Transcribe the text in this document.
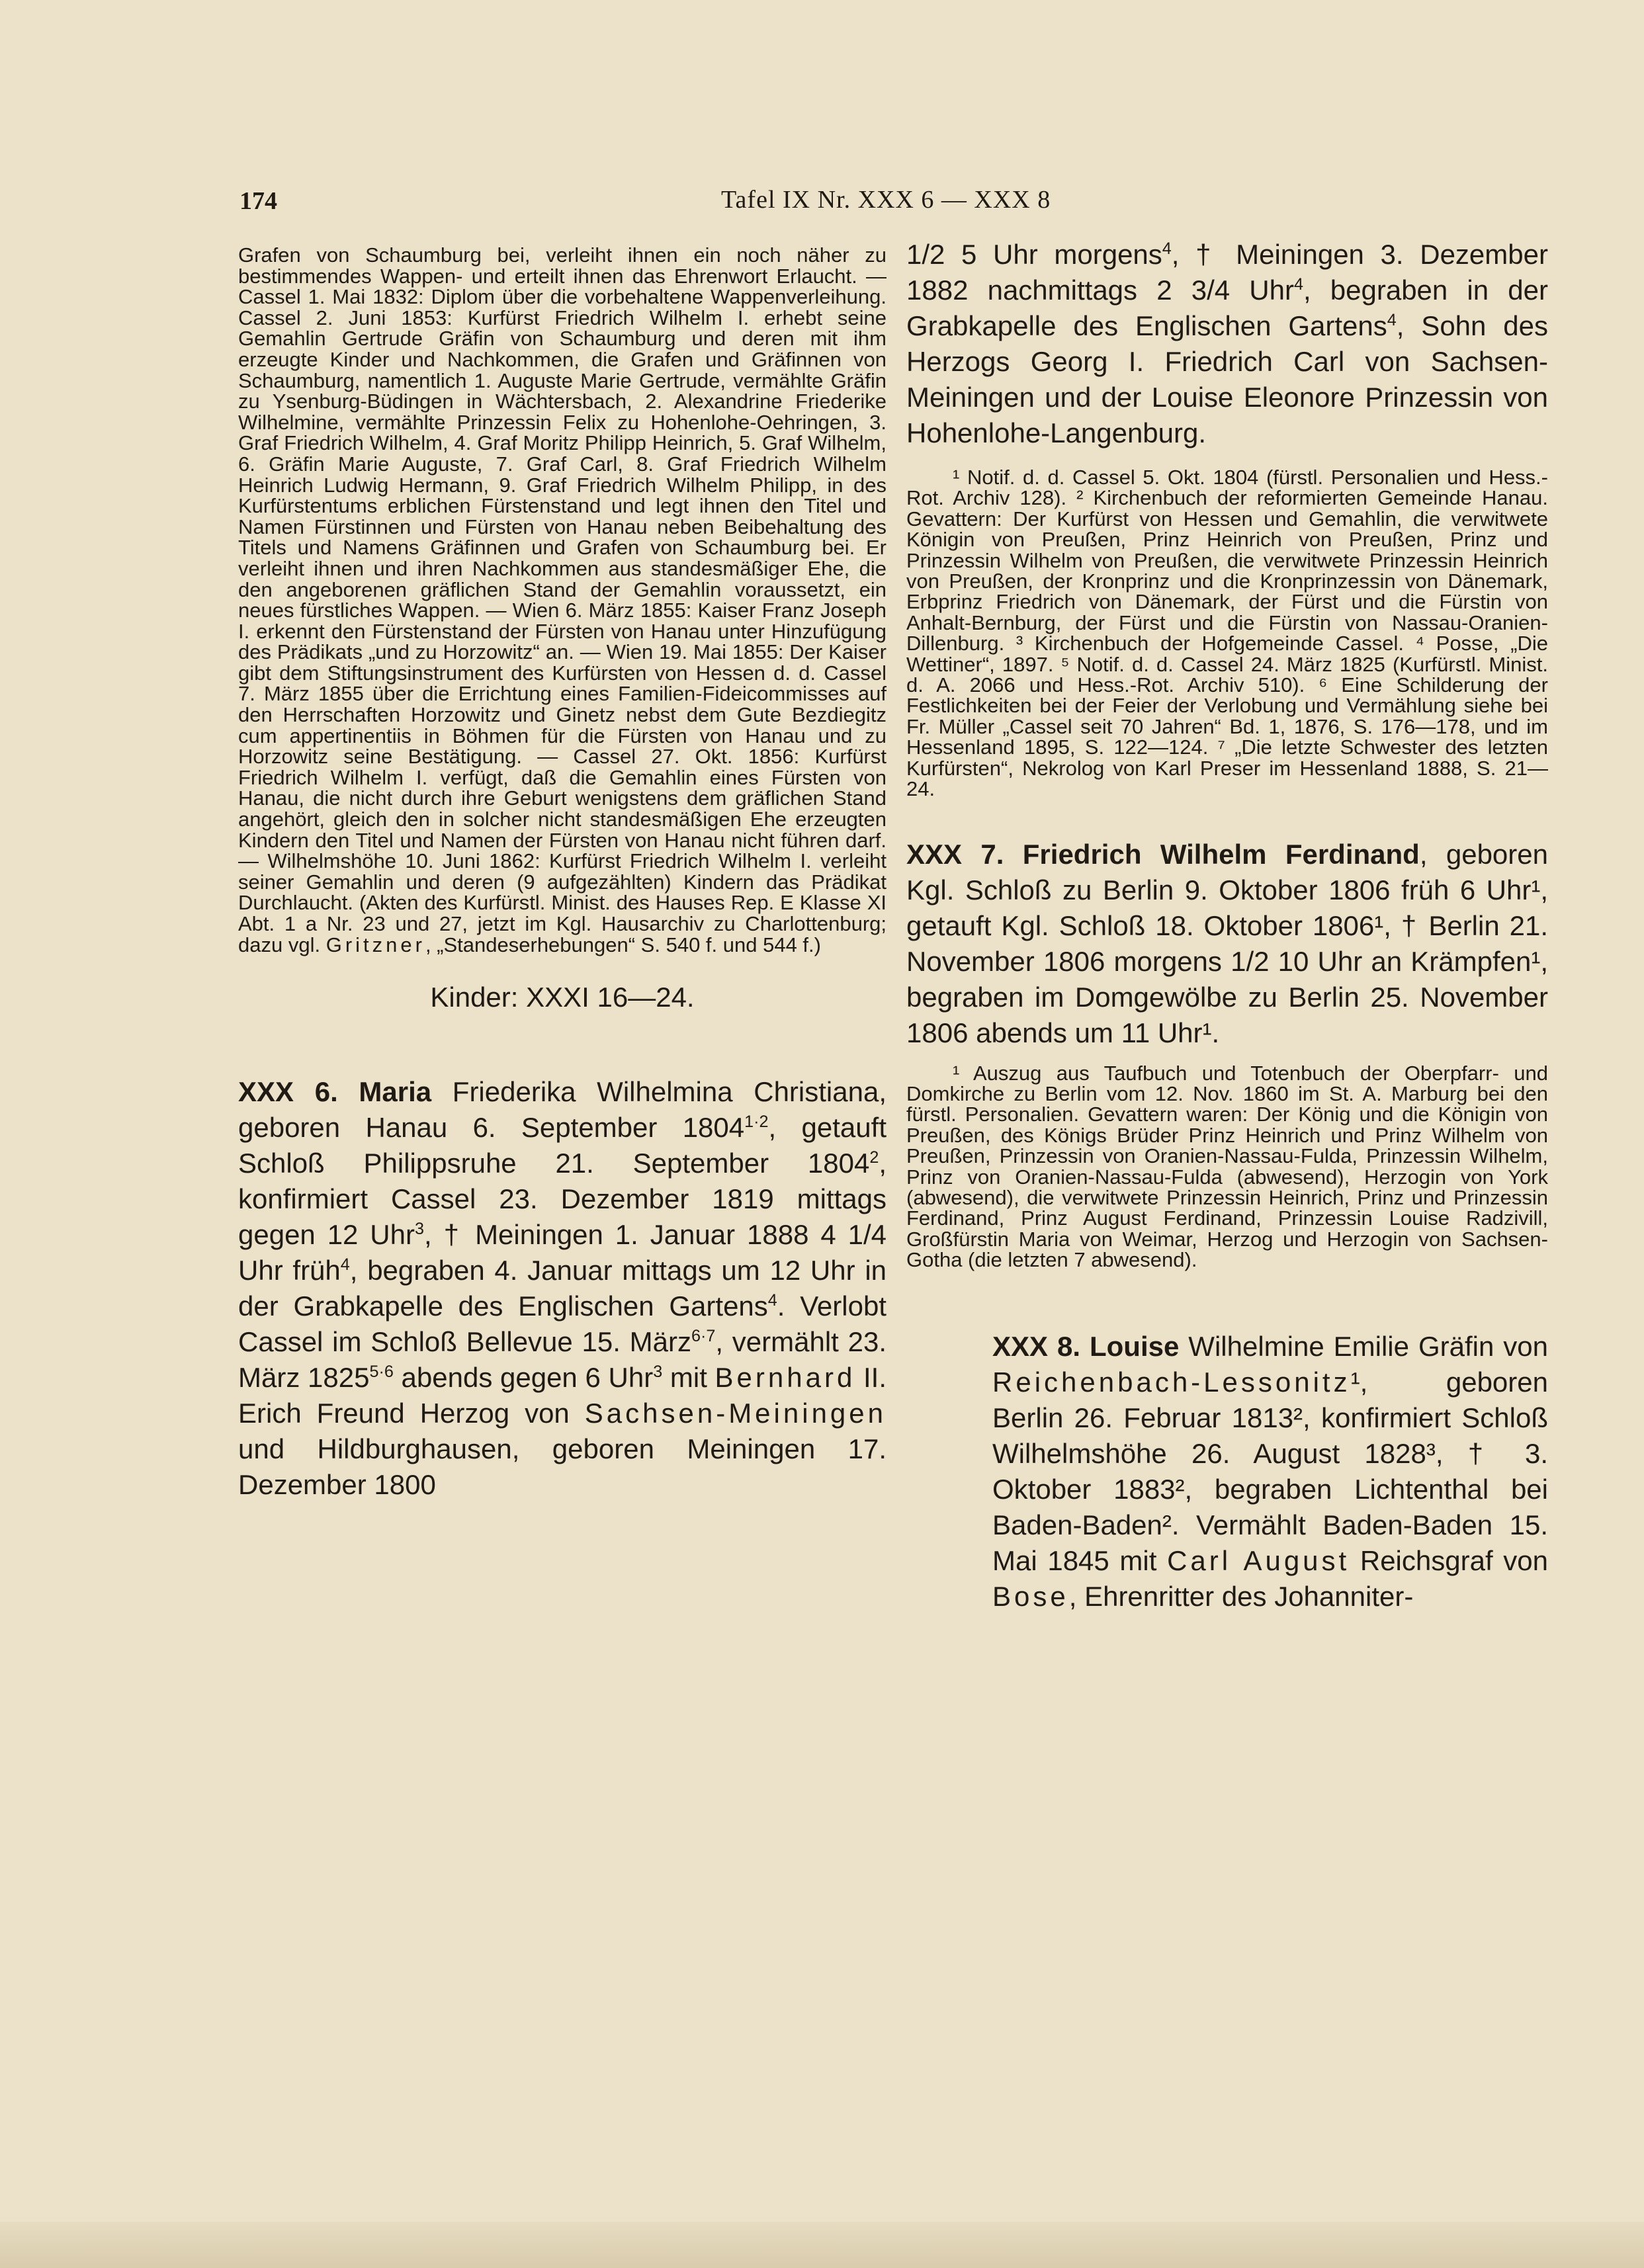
174	Tafel IX Nr. XXX 6 — XXX 8

Grafen von Schaumburg bei, verleiht ihnen ein noch näher zu bestimmendes Wappen- und erteilt ihnen das Ehrenwort Erlaucht. — Cassel 1. Mai 1832: Diplom über die vorbehaltene Wappenverleihung. Cassel 2. Juni 1853: Kurfürst Friedrich Wilhelm I. erhebt seine Gemahlin Gertrude Gräfin von Schaumburg und deren mit ihm erzeugte Kinder und Nachkommen, die Grafen und Gräfinnen von Schaumburg, namentlich 1. Auguste Marie Gertrude, vermählte Gräfin zu Ysenburg-Büdingen in Wächtersbach, 2. Alexandrine Friederike Wilhelmine, vermählte Prinzessin Felix zu Hohenlohe-Oehringen, 3. Graf Friedrich Wilhelm, 4. Graf Moritz Philipp Heinrich, 5. Graf Wilhelm, 6. Gräfin Marie Auguste, 7. Graf Carl, 8. Graf Friedrich Wilhelm Heinrich Ludwig Hermann, 9. Graf Friedrich Wilhelm Philipp, in des Kurfürstentums erblichen Fürstenstand und legt ihnen den Titel und Namen Fürstinnen und Fürsten von Hanau neben Beibehaltung des Titels und Namens Gräfinnen und Grafen von Schaumburg bei. Er verleiht ihnen und ihren Nachkommen aus standesmäßiger Ehe, die den angeborenen gräflichen Stand der Gemahlin voraussetzt, ein neues fürstliches Wappen. — Wien 6. März 1855: Kaiser Franz Joseph I. erkennt den Fürstenstand der Fürsten von Hanau unter Hinzufügung des Prädikats „und zu Horzowitz“ an. — Wien 19. Mai 1855: Der Kaiser gibt dem Stiftungsinstrument des Kurfürsten von Hessen d. d. Cassel 7. März 1855 über die Errichtung eines Familien-Fideicommisses auf den Herrschaften Horzowitz und Ginetz nebst dem Gute Bezdiegitz cum appertinentiis in Böhmen für die Fürsten von Hanau und zu Horzowitz seine Bestätigung. — Cassel 27. Okt. 1856: Kurfürst Friedrich Wilhelm I. verfügt, daß die Gemahlin eines Fürsten von Hanau, die nicht durch ihre Geburt wenigstens dem gräflichen Stand angehört, gleich den in solcher nicht standesmäßigen Ehe erzeugten Kindern den Titel und Namen der Fürsten von Hanau nicht führen darf. — Wilhelmshöhe 10. Juni 1862: Kurfürst Friedrich Wilhelm I. verleiht seiner Gemahlin und deren (9 aufgezählten) Kindern das Prädikat Durchlaucht. (Akten des Kurfürstl. Minist. des Hauses Rep. E Klasse XI Abt. 1 a Nr. 23 und 27, jetzt im Kgl. Hausarchiv zu Charlottenburg; dazu vgl. Gritzner, „Standeserhebungen“ S. 540 f. und 544 f.)

Kinder: XXXI 16—24.

XXX 6. Maria Friederika Wilhelmina Christiana, geboren Hanau 6. September $1804^{1\cdot 2}$, getauft Schloß Philippsruhe 21. September 1804$^2$, konfirmiert Cassel 23. Dezember 1819 mittags gegen 12 Uhr$^3$, † Meiningen 1. Januar 1888 4 1/4 Uhr früh$^4$, begraben 4. Januar mittags um 12 Uhr in der Grabkapelle des Englischen Gartens$^4$. Verlobt Cassel im Schloß Bellevue 15. März$^{6\cdot 7}$, vermählt 23. März $1825^{5\cdot 6}$ abends gegen 6 Uhr$^3$ mit Bernhard II. Erich Freund Herzog von Sachsen-Meiningen und Hildburghausen, geboren Meiningen 17. Dezember 1800

1/2 5 Uhr morgens$^4$, † Meiningen 3. Dezember 1882 nachmittags 2 3/4 Uhr$^4$, begraben in der Grabkapelle des Englischen Gartens$^4$, Sohn des Herzogs Georg I. Friedrich Carl von Sachsen-Meiningen und der Louise Eleonore Prinzessin von Hohenlohe-Langenburg.

¹ Notif. d. d. Cassel 5. Okt. 1804 (fürstl. Personalien und Hess.-Rot. Archiv 128). ² Kirchenbuch der reformierten Gemeinde Hanau. Gevattern: Der Kurfürst von Hessen und Gemahlin, die verwitwete Königin von Preußen, Prinz Heinrich von Preußen, Prinz und Prinzessin Wilhelm von Preußen, die verwitwete Prinzessin Heinrich von Preußen, der Kronprinz und die Kronprinzessin von Dänemark, Erbprinz Friedrich von Dänemark, der Fürst und die Fürstin von Anhalt-Bernburg, der Fürst und die Fürstin von Nassau-Oranien-Dillenburg. ³ Kirchenbuch der Hofgemeinde Cassel. ⁴ Posse, „Die Wettiner“, 1897. ⁵ Notif. d. d. Cassel 24. März 1825 (Kurfürstl. Minist. d. A. 2066 und Hess.-Rot. Archiv 510). ⁶ Eine Schilderung der Festlichkeiten bei der Feier der Verlobung und Vermählung siehe bei Fr. Müller „Cassel seit 70 Jahren“ Bd. 1, 1876, S. 176—178, und im Hessenland 1895, S. 122—124. ⁷ „Die letzte Schwester des letzten Kurfürsten“, Nekrolog von Karl Preser im Hessenland 1888, S. 21—24.

XXX 7. Friedrich Wilhelm Ferdinand, geboren Kgl. Schloß zu Berlin 9. Oktober 1806 früh 6 Uhr¹, getauft Kgl. Schloß 18. Oktober 1806¹, † Berlin 21. November 1806 morgens 1/2 10 Uhr an Krämpfen¹, begraben im Domgewölbe zu Berlin 25. November 1806 abends um 11 Uhr¹.

¹ Auszug aus Taufbuch und Totenbuch der Oberpfarr- und Domkirche zu Berlin vom 12. Nov. 1860 im St. A. Marburg bei den fürstl. Personalien. Gevattern waren: Der König und die Königin von Preußen, des Königs Brüder Prinz Heinrich und Prinz Wilhelm von Preußen, Prinzessin von Oranien-Nassau-Fulda, Prinzessin Wilhelm, Prinz von Oranien-Nassau-Fulda (abwesend), Herzogin von York (abwesend), die verwitwete Prinzessin Heinrich, Prinz und Prinzessin Ferdinand, Prinz August Ferdinand, Prinzessin Louise Radzivill, Großfürstin Maria von Weimar, Herzog und Herzogin von Sachsen-Gotha (die letzten 7 abwesend).

XXX 8. Louise Wilhelmine Emilie Gräfin von Reichenbach-Lessonitz¹, geboren Berlin 26. Februar 1813², konfirmiert Schloß Wilhelmshöhe 26. August 1828³, † 3. Oktober 1883², begraben Lichtenthal bei Baden-Baden². Vermählt Baden-Baden 15. Mai 1845 mit Carl August Reichsgraf von Bose, Ehrenritter des Johanniter-
